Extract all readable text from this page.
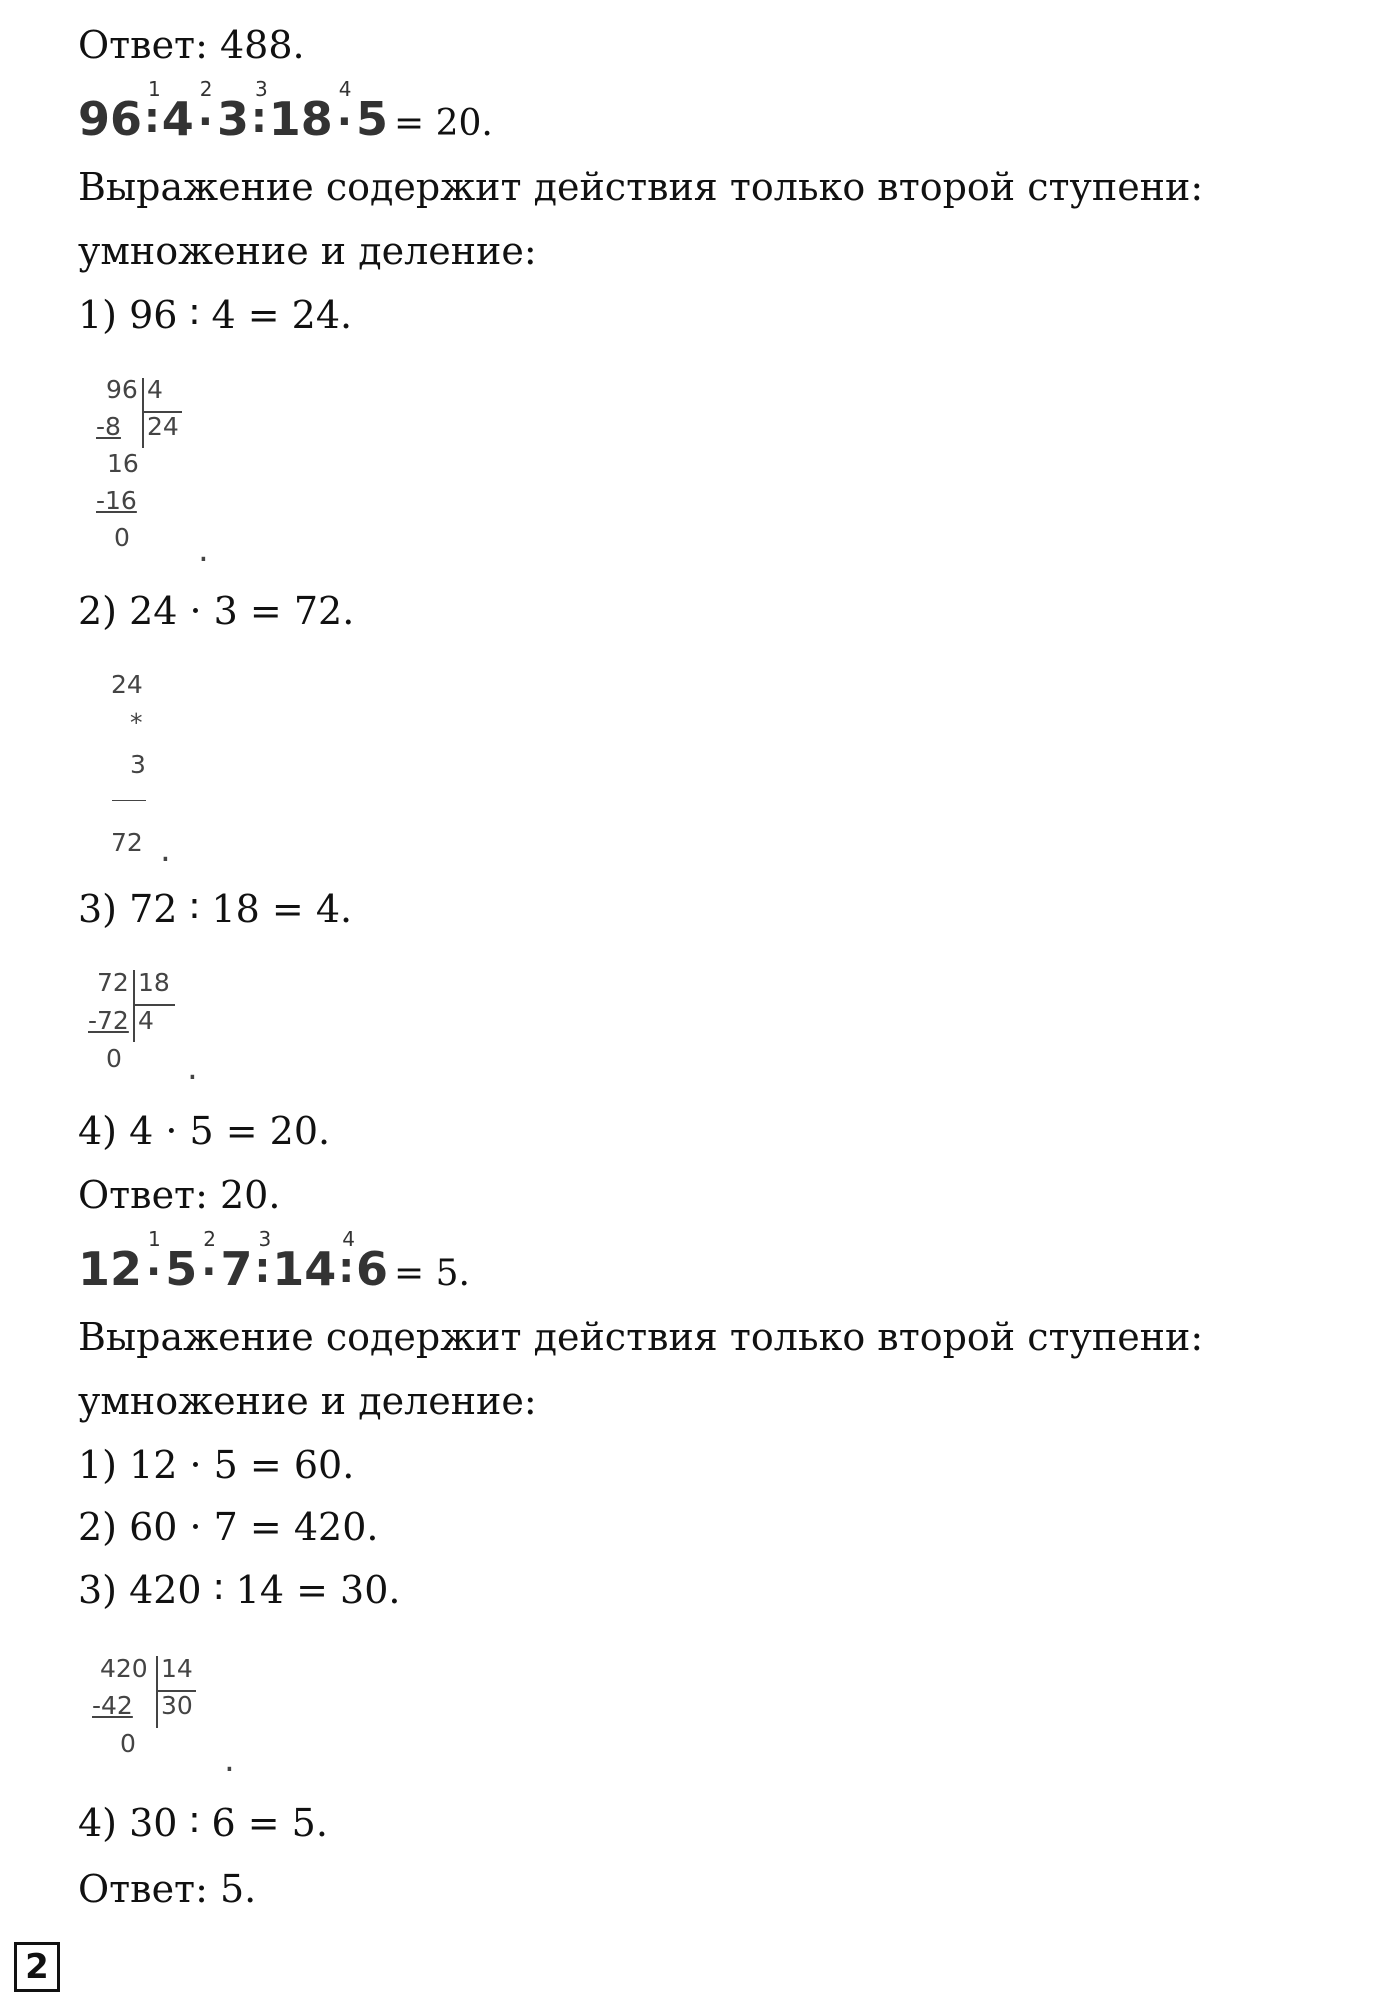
Ответ: 488.
96
1
∶4
2
·3
3
∶18
4
·5 = 20.
Выражение содержит действия только второй ступени:
умножение и деление:
1) 96 ∶ 4 = 24.
96 4
-8 24
16
-16
0 .
2) 24 · 3 = 72.
24
*
3
72 .
3) 72 ∶ 18 = 4.
72 18
-72 4
0 .
4) 4 · 5 = 20.
Ответ: 20.
12
1
·5
2
·7
3
∶14
4
∶6 = 5.
Выражение содержит действия только второй ступени:
умножение и деление:
1) 12 · 5 = 60.
2) 60 · 7 = 420.
3) 420 ∶ 14 = 30.
420 14
-42 30
0	.
4) 30 ∶ 6 = 5.
Ответ: 5.
2
